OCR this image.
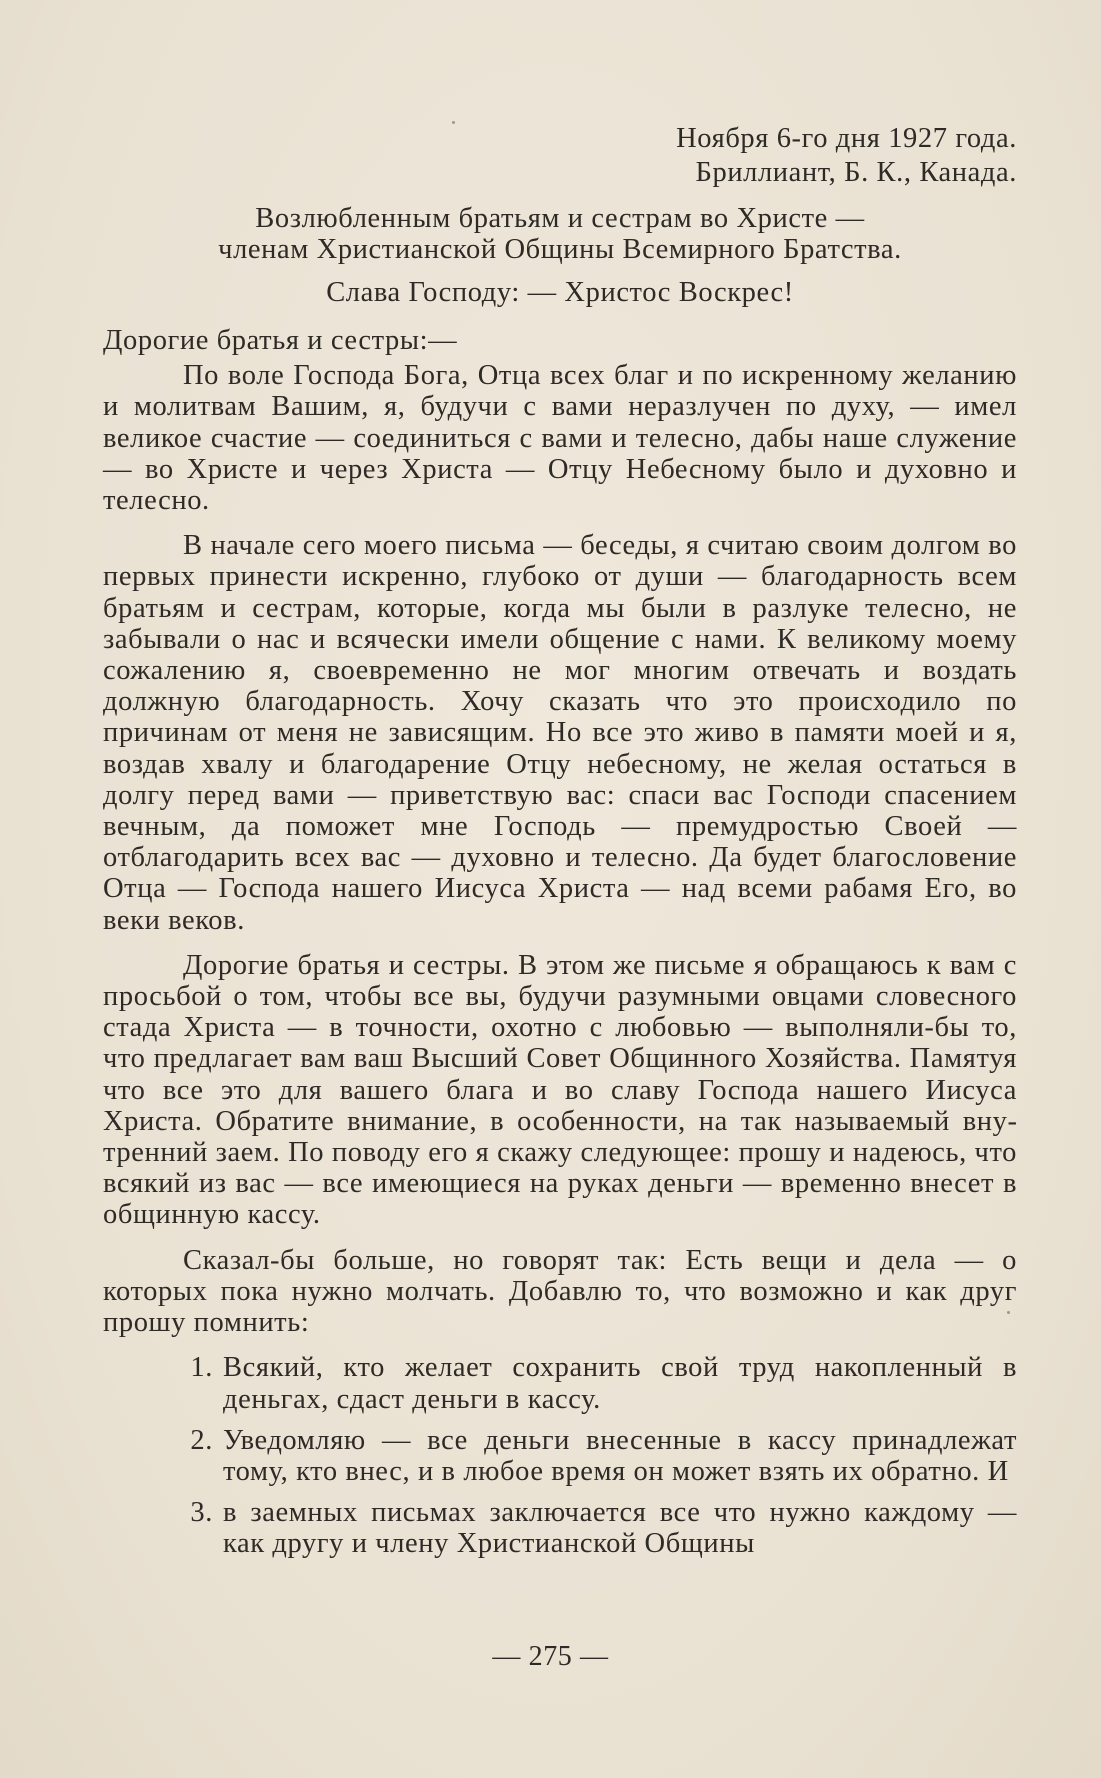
Ноября 6-го дня 1927 года.
Бриллиант, Б. К., Канада.
Возлюбленным братьям и сестрам во Христе —
членам Христианской Общины Всемирного Братства.
Слава Господу: — Христос Воскрес!
Дорогие братья и сестры:—

По воле Господа Бога, Отца всех благ и по искренному желанию и молитвам Вашим, я, будучи с вами неразлучен по духу, — имел великое счастие — соединиться с вами и телесно, дабы наше служение — во Христе и через Христа — Отцу Небесному было и духовно и телесно.

В начале сего моего письма — беседы, я считаю своим долгом во первых принести искренно, глубоко от души — благодарность всем братьям и сестрам, которые, когда мы были в разлуке телесно, не забывали о нас и всячески имели общение с нами. К великому моему сожалению я, своевременно не мог многим отвечать и воздать должную благодарность. Хочу сказать что это происходило по причинам от меня не зависящим. Но все это живо в памяти моей и я, воздав хвалу и благодарение Отцу небесному, не желая остаться в долгу перед вами — приветствую вас: спаси вас Господи спасением вечным, да поможет мне Господь — премудростью Своей — отблагодарить всех вас — духовно и телесно. Да будет благословение Отца — Господа нашего Иисуса Христа — над всеми рабамя Его, во веки веков.

Дорогие братья и сестры. В этом же письме я обращаюсь к вам с просьбой о том, чтобы все вы, будучи разумными овцами словесного стада Христа — в точности, охотно с любовью — выполняли-бы то, что предлагает вам ваш Высший Совет Общинного Хозяйства. Памятуя что все это для вашего блага и во славу Господа нашего Иисуса Христа. Обратите внимание, в особенности, на так называемый внутренний заем. По поводу его я скажу следующее: прошу и надеюсь, что всякий из вас — все имеющиеся на руках деньги — временно внесет в общинную кассу.

Сказал-бы больше, но говорят так: Есть вещи и дела — о которых пока нужно молчать. Добавлю то, что возможно и как друг прошу помнить:

1. Всякий, кто желает сохранить свой труд накопленный в деньгах, сдаст деньги в кассу.
2. Уведомляю — все деньги внесенные в кассу принадлежат тому, кто внес, и в любое время он может взять их обратно. И
3. в заемных письмах заключается все что нужно каждому — как другу и члену Христианской Общины
— 275 —
